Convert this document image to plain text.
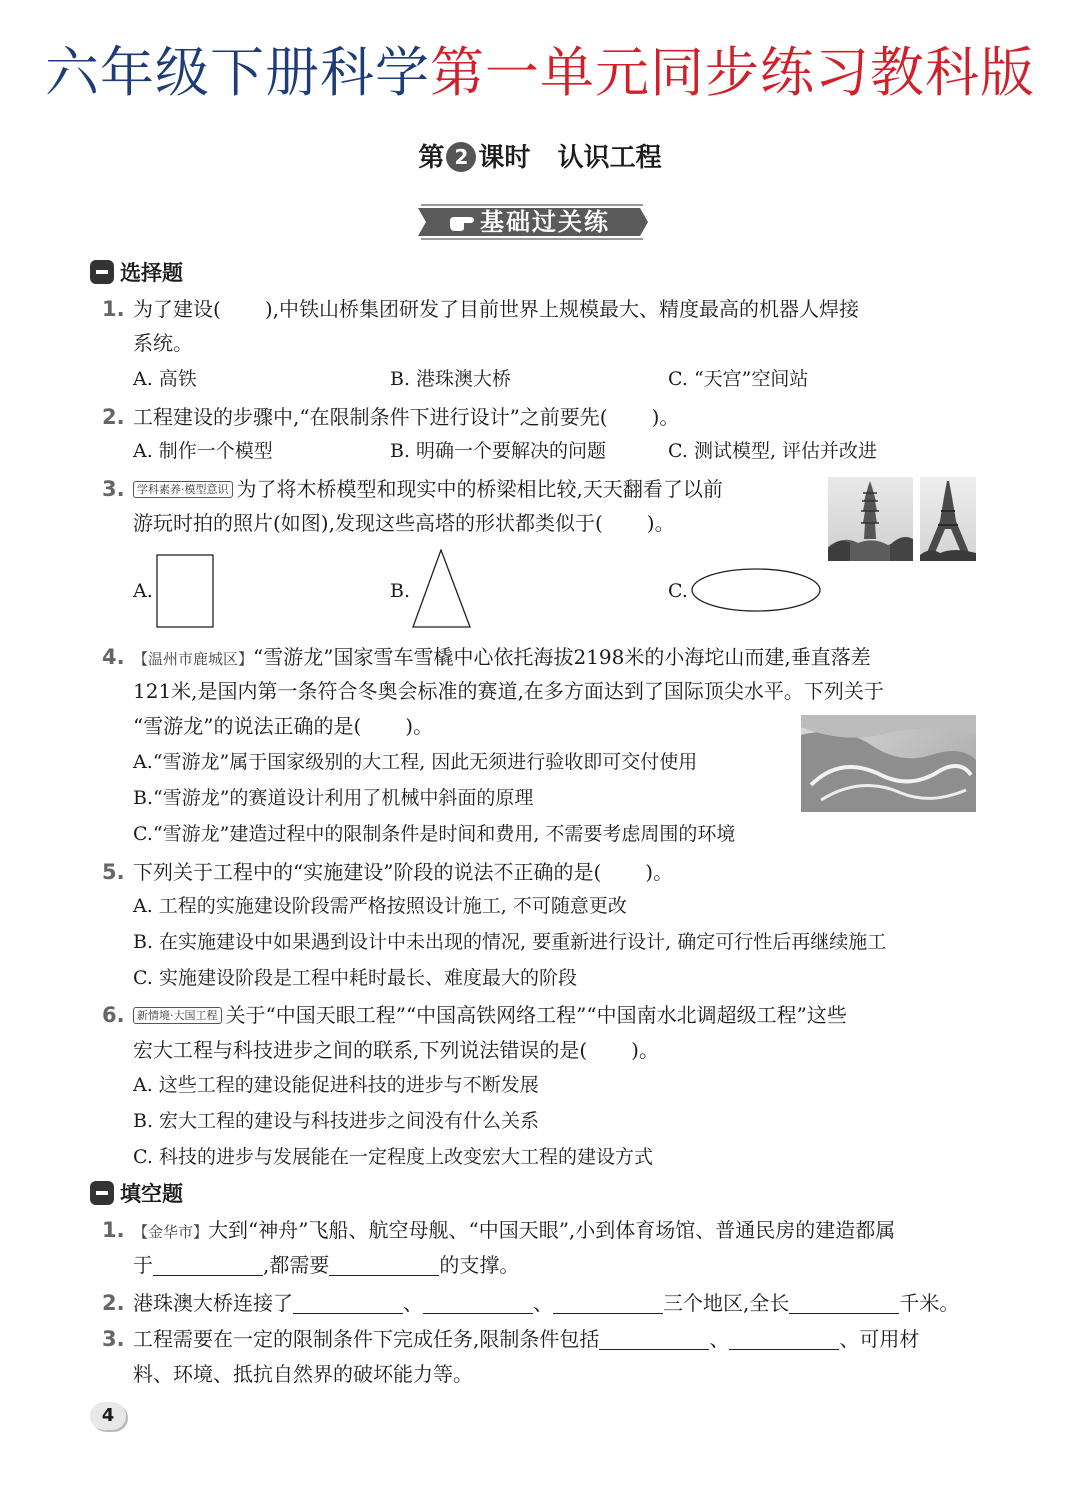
六年级下册科学第一单元同步练习教科版
第 2 课时 认识工程
基础过关练
选择题
1. 为了建设( ),中铁山桥集团研发了目前世界上规模最大、精度最高的机器人焊接
系统。
A. 高铁	B. 港珠澳大桥	C. “天宫”空间站
2. 工程建设的步骤中,“在限制条件下进行设计”之前要先( )。
A. 制作一个模型	B. 明确一个要解决的问题	C. 测试模型, 评估并改进
3.	学科素养·模型意识 为了将木桥模型和现实中的桥梁相比较,天天翻看了以前
游玩时拍的照片(如图),发现这些高塔的形状都类似于( )。
A.	B.	C.
4. 【温州市鹿城区】“雪游龙”国家雪车雪橇中心依托海拔2198米的小海坨山而建,垂直落差
121米,是国内第一条符合冬奥会标准的赛道,在多方面达到了国际顶尖水平。下列关于
“雪游龙”的说法正确的是( )。
A.“雪游龙”属于国家级别的大工程, 因此无须进行验收即可交付使用
B.“雪游龙”的赛道设计利用了机械中斜面的原理
C.“雪游龙”建造过程中的限制条件是时间和费用, 不需要考虑周围的环境
5. 下列关于工程中的“实施建设”阶段的说法不正确的是( )。
A. 工程的实施建设阶段需严格按照设计施工, 不可随意更改
B. 在实施建设中如果遇到设计中未出现的情况, 要重新进行设计, 确定可行性后再继续施工
C. 实施建设阶段是工程中耗时最长、难度最大的阶段
6.	新情境·大国工程 关于“中国天眼工程”“中国高铁网络工程”“中国南水北调超级工程”这些
宏大工程与科技进步之间的联系,下列说法错误的是( )。
A. 这些工程的建设能促进科技的进步与不断发展
B. 宏大工程的建设与科技进步之间没有什么关系
C. 科技的进步与发展能在一定程度上改变宏大工程的建设方式
填空题
1. 【金华市】大到“神舟”飞船、航空母舰、“中国天眼”,小到体育场馆、普通民房的建造都属
于	,都需要	的支撑。
2. 港珠澳大桥连接了	、	、	三个地区,全长	千米。
3. 工程需要在一定的限制条件下完成任务,限制条件包括	、	、可用材
料、环境、抵抗自然界的破坏能力等。
4
